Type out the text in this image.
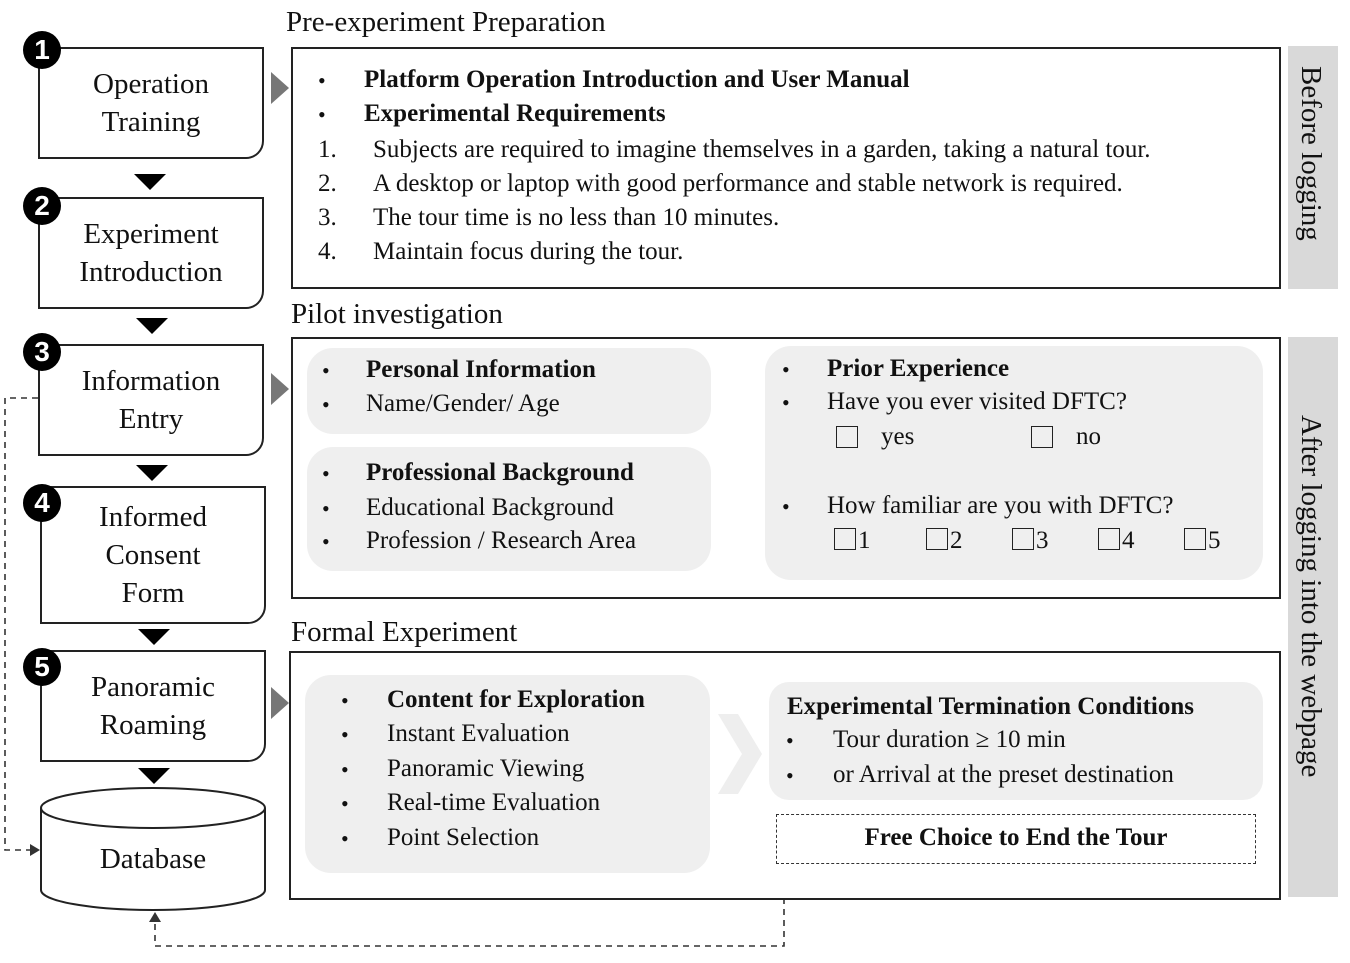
Operation
Training
1
Experiment
Introduction
2
Information
Entry
3
Informed
Consent
Form
4
Panoramic
Roaming
5
Database
Pre-experiment Preparation
• Platform Operation Introduction and User Manual
• Experimental Requirements
1. Subjects are required to imagine themselves in a garden, taking a natural tour.
2. A desktop or laptop with good performance and stable network is required.
3. The tour time is no less than 10 minutes.
4. Maintain focus during the tour.
Pilot investigation
• Personal Information
• Name/Gender/ Age
• Professional Background
• Educational Background
• Profession / Research Area
• Prior Experience
• Have you ever visited DFTC?
yes	no
• How familiar are you with DFTC?
1	2	3	4	5
Formal Experiment
• Content for Exploration
• Instant Evaluation
• Panoramic Viewing
• Real-time Evaluation
• Point Selection
Experimental Termination Conditions
• Tour duration ≥ 10 min
• or Arrival at the preset destination
Free Choice to End the Tour
Before logging
After logging into the webpage
